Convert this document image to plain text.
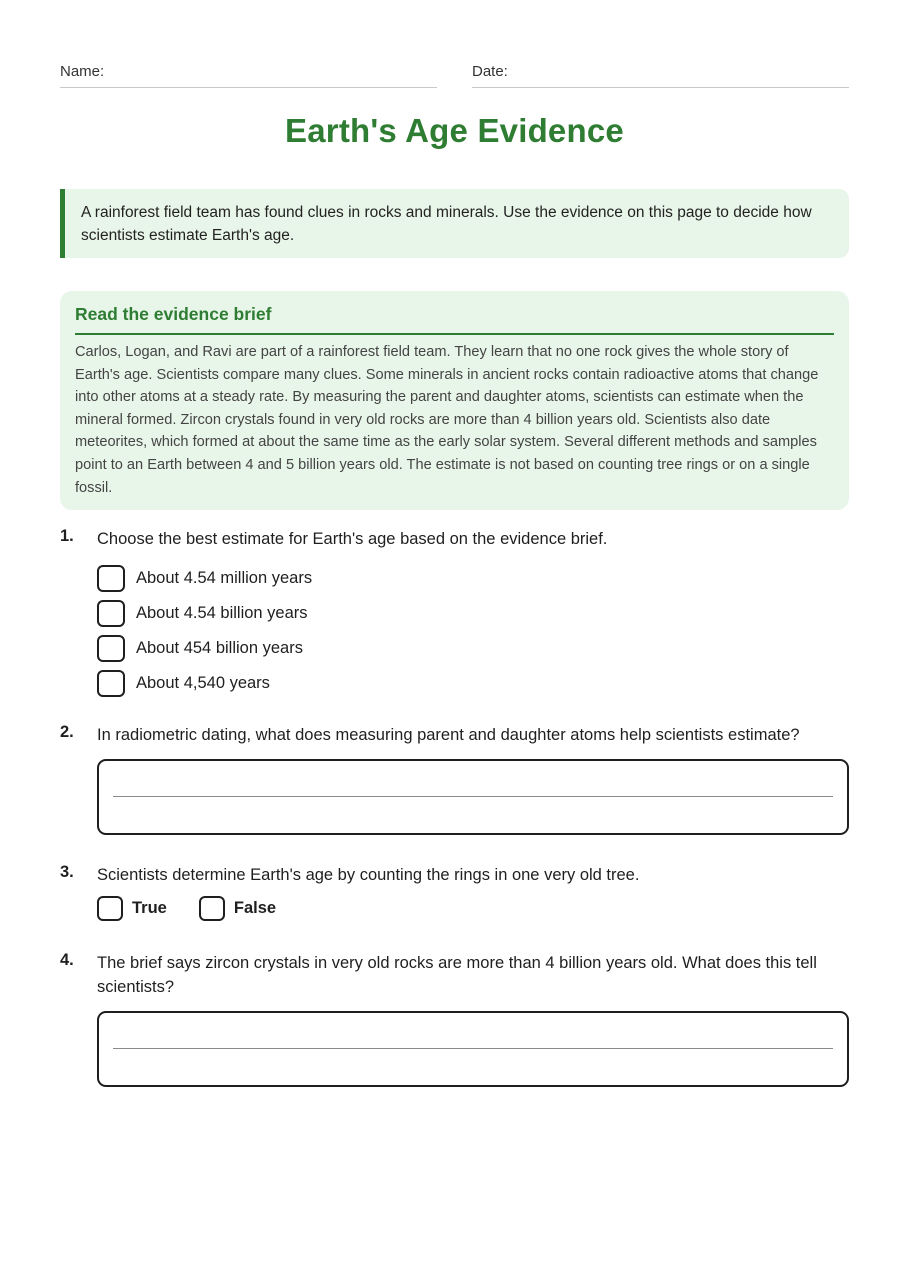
Name:	Date:
Earth's Age Evidence
A rainforest field team has found clues in rocks and minerals. Use the evidence on this page to decide how scientists estimate Earth's age.
Read the evidence brief
Carlos, Logan, and Ravi are part of a rainforest field team. They learn that no one rock gives the whole story of Earth's age. Scientists compare many clues. Some minerals in ancient rocks contain radioactive atoms that change into other atoms at a steady rate. By measuring the parent and daughter atoms, scientists can estimate when the mineral formed. Zircon crystals found in very old rocks are more than 4 billion years old. Scientists also date meteorites, which formed at about the same time as the early solar system. Several different methods and samples point to an Earth between 4 and 5 billion years old. The estimate is not based on counting tree rings or on a single fossil.
1. Choose the best estimate for Earth's age based on the evidence brief.
About 4.54 million years
About 4.54 billion years
About 454 billion years
About 4,540 years
2. In radiometric dating, what does measuring parent and daughter atoms help scientists estimate?
3. Scientists determine Earth's age by counting the rings in one very old tree.
True	False
4. The brief says zircon crystals in very old rocks are more than 4 billion years old. What does this tell scientists?
